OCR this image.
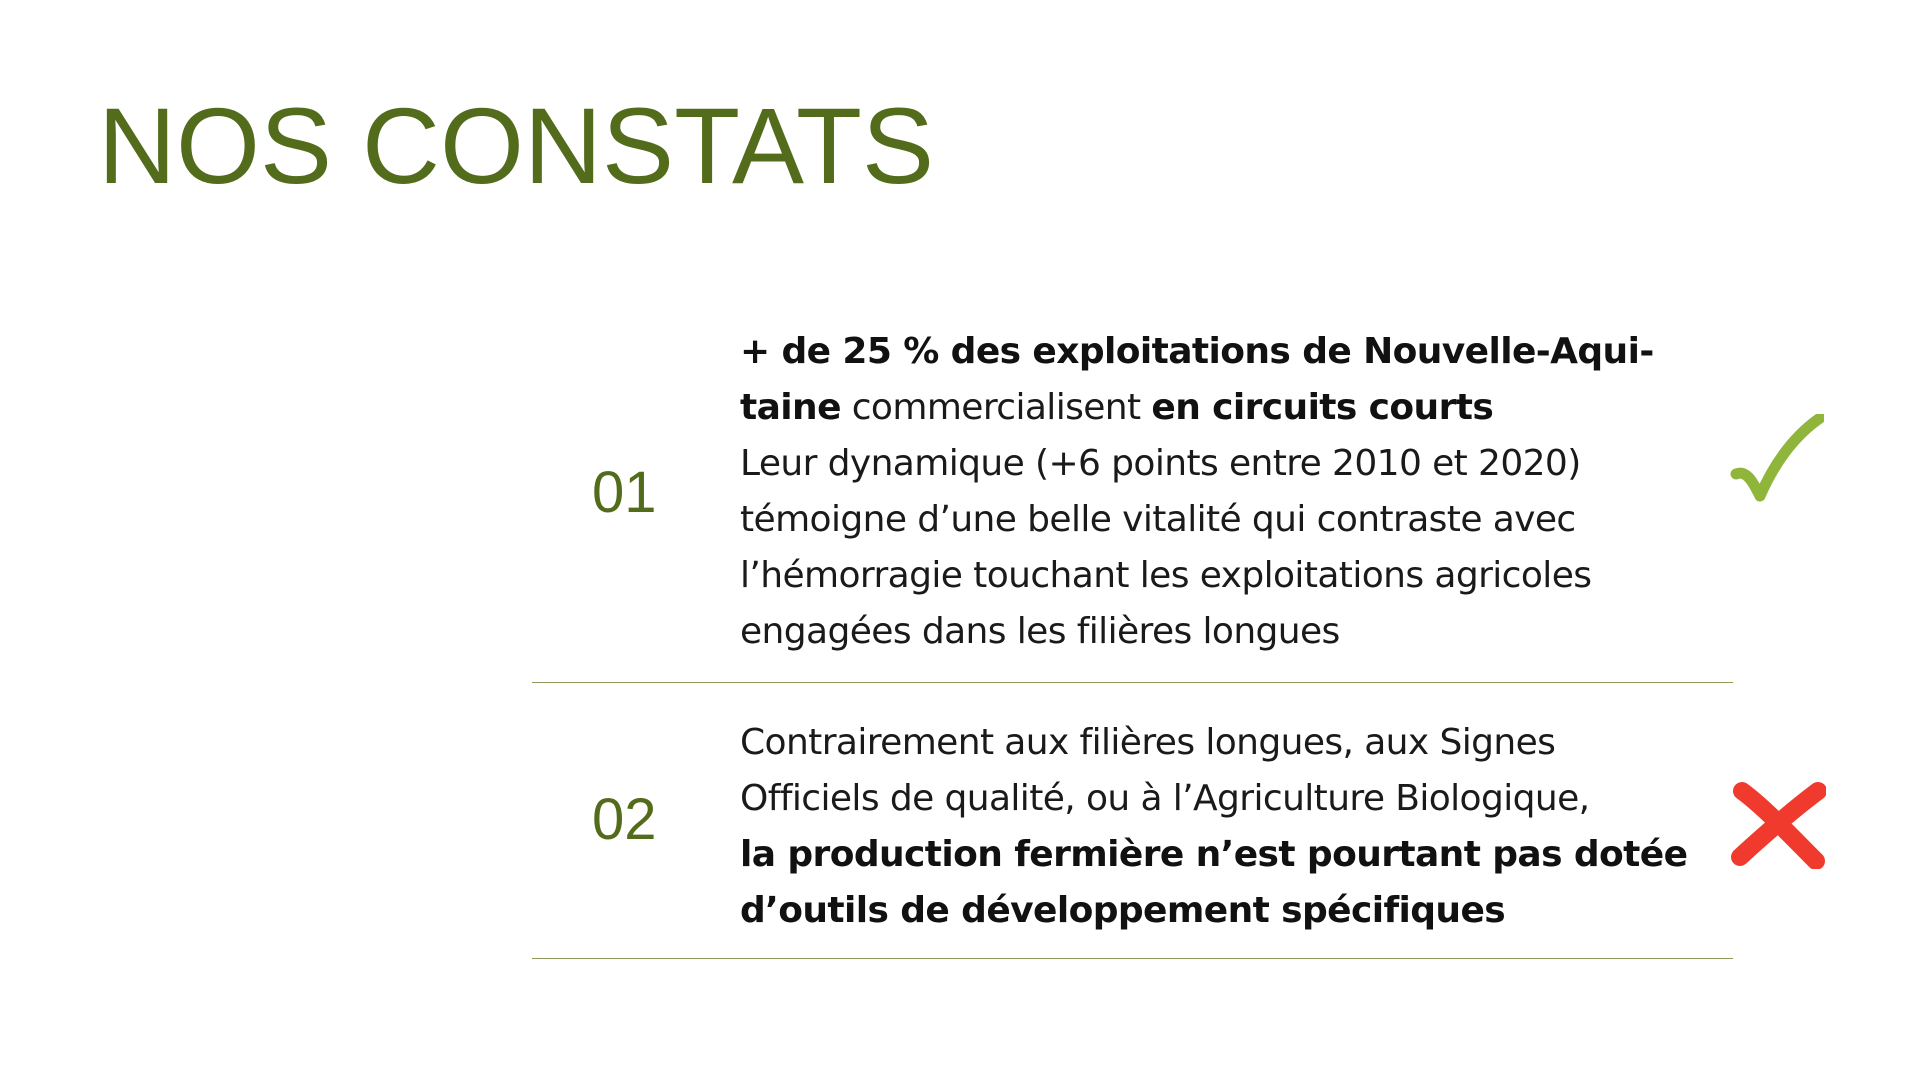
NOS CONSTATS
01

+ de 25 % des exploitations de Nouvelle-Aqui-
taine commercialisent en circuits courts
Leur dynamique (+6 points entre 2010 et 2020)
témoigne d’une belle vitalité qui contraste avec
l’hémorragie touchant les exploitations agricoles
engagées dans les filières longues

02

Contrairement aux filières longues, aux Signes
Officiels de qualité, ou à l’Agriculture Biologique,
la production fermière n’est pourtant pas dotée
d’outils de développement spécifiques
